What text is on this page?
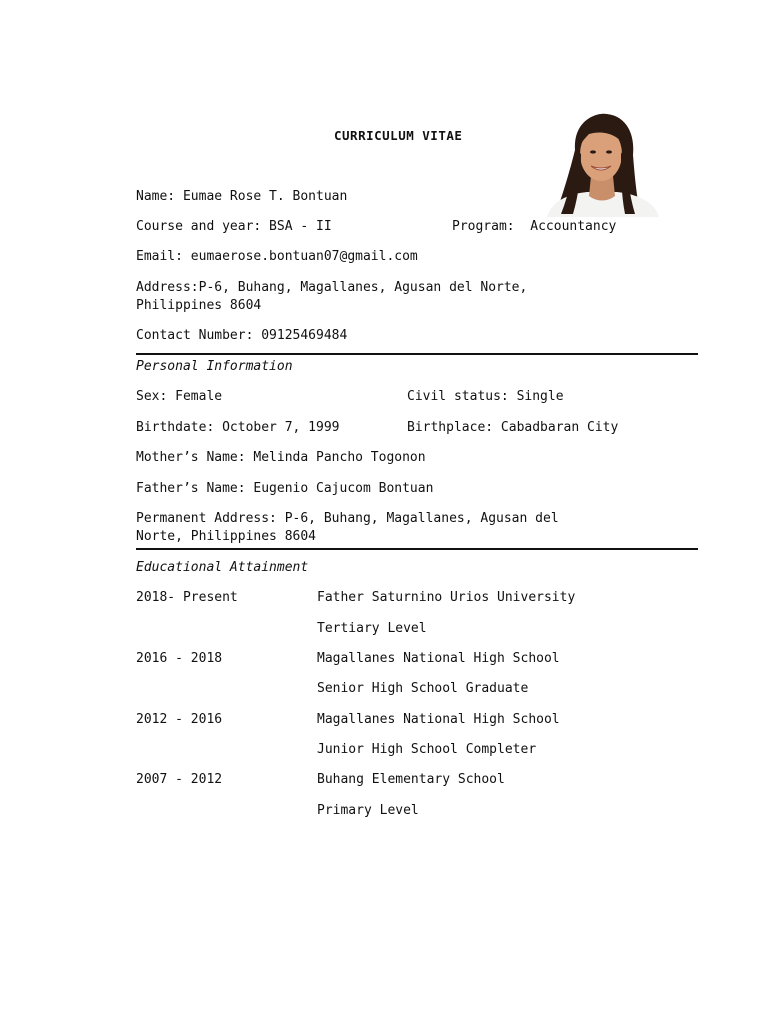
CURRICULUM VITAE
Name: Eumae Rose T. Bontuan
Course and year: BSA - II	Program:  Accountancy
Email: eumaerose.bontuan07@gmail.com
Address:P-6, Buhang, Magallanes, Agusan del Norte,
Philippines 8604
Contact Number: 09125469484
Personal Information
Sex: Female	Civil status: Single
Birthdate: October 7, 1999	Birthplace: Cabadbaran City
Mother’s Name: Melinda Pancho Togonon
Father’s Name: Eugenio Cajucom Bontuan
Permanent Address: P-6, Buhang, Magallanes, Agusan del
Norte, Philippines 8604
Educational Attainment
2018- Present	Father Saturnino Urios University
Tertiary Level
2016 - 2018	Magallanes National High School
Senior High School Graduate
2012 - 2016	Magallanes National High School
Junior High School Completer
2007 - 2012	Buhang Elementary School
Primary Level
